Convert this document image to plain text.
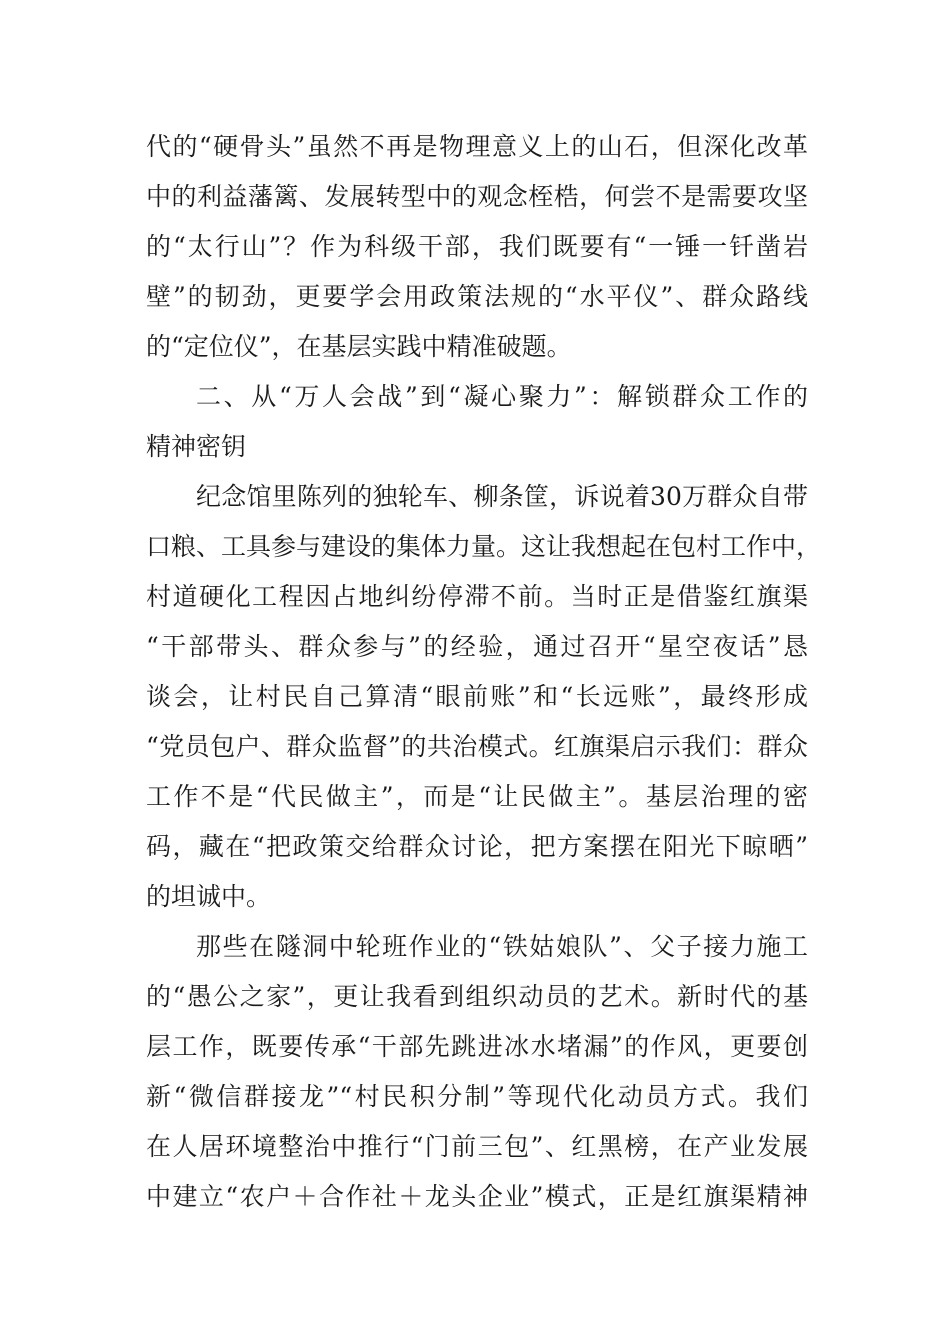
代的“硬骨头”虽然不再是物理意义上的山石，但深化改革
中的利益藩篱、发展转型中的观念桎梏，何尝不是需要攻坚
的“太行山”？作为科级干部，我们既要有“一锤一钎凿岩
壁”的韧劲，更要学会用政策法规的“水平仪”、群众路线
的“定位仪”，在基层实践中精准破题。
二、从“万人会战”到“凝心聚力”：解锁群众工作的
精神密钥
纪念馆里陈列的独轮车、柳条筐，诉说着30万群众自带
口粮、工具参与建设的集体力量。这让我想起在包村工作中，
村道硬化工程因占地纠纷停滞不前。当时正是借鉴红旗渠
“干部带头、群众参与”的经验，通过召开“星空夜话”恳
谈会，让村民自己算清“眼前账”和“长远账”，最终形成
“党员包户、群众监督”的共治模式。红旗渠启示我们：群众
工作不是“代民做主”，而是“让民做主”。基层治理的密
码，藏在“把政策交给群众讨论，把方案摆在阳光下晾晒”
的坦诚中。
那些在隧洞中轮班作业的“铁姑娘队”、父子接力施工
的“愚公之家”，更让我看到组织动员的艺术。新时代的基
层工作，既要传承“干部先跳进冰水堵漏”的作风，更要创
新“微信群接龙”“村民积分制”等现代化动员方式。我们
在人居环境整治中推行“门前三包”、红黑榜，在产业发展
中建立“农户＋合作社＋龙头企业”模式，正是红旗渠精神
